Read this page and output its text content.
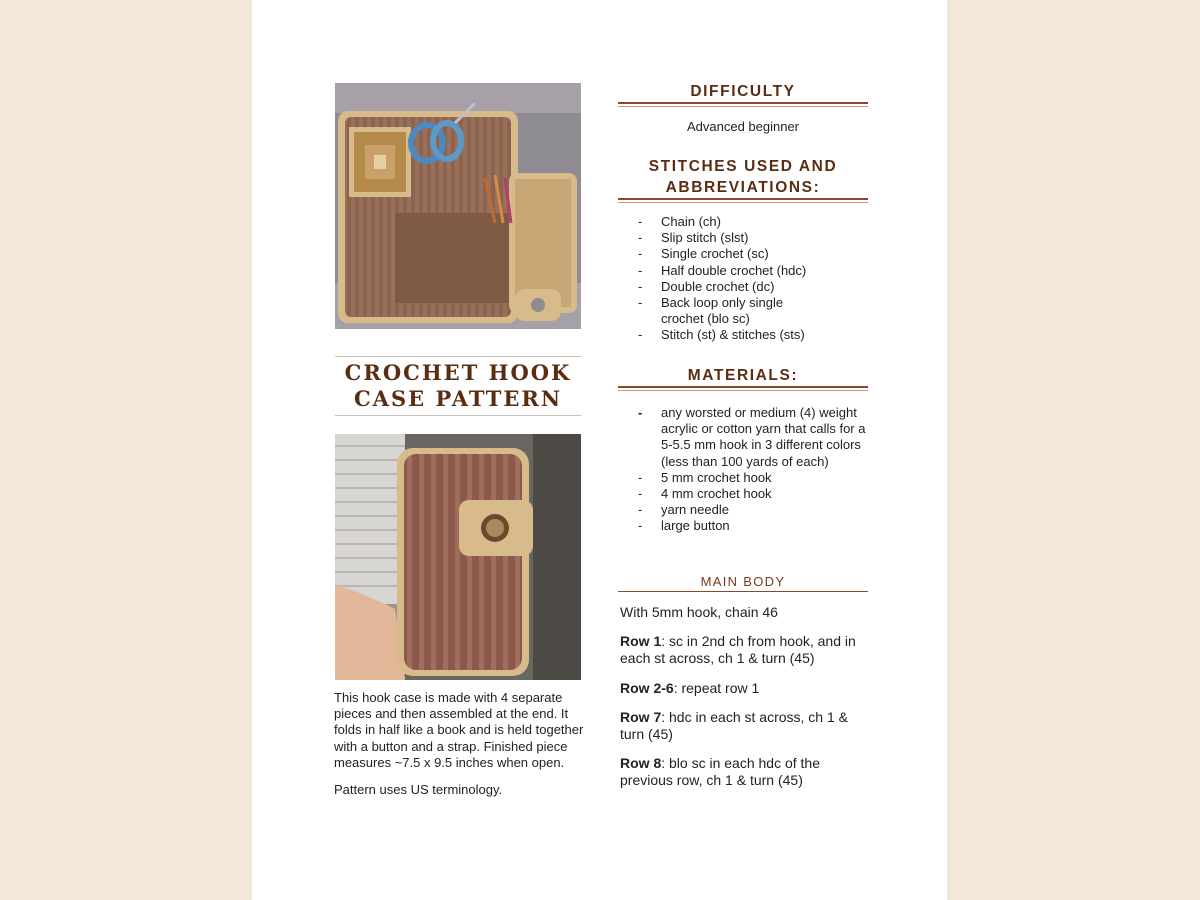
CROCHET HOOK
CASE PATTERN

This hook case is made with 4 separate pieces and then assembled at the end. It folds in half like a book and is held together with a button and a strap. Finished piece measures ~7.5 x 9.5 inches when open.

Pattern uses US terminology.

DIFFICULTY
Advanced beginner
STITCHES USED AND
ABBREVIATIONS:
- Chain (ch)
- Slip stitch (slst)
- Single crochet (sc)
- Half double crochet (hdc)
- Double crochet (dc)
- Back loop only single crochet (blo sc)
- Stitch (st) & stitches (sts)
MATERIALS:
- any worsted or medium (4) weight acrylic or cotton yarn that calls for a 5-5.5 mm hook in 3 different colors (less than 100 yards of each)
- 5 mm crochet hook
- 4 mm crochet hook
- yarn needle
- large button
MAIN BODY
With 5mm hook, chain 46
Row 1: sc in 2nd ch from hook, and in each st across, ch 1 & turn (45)
Row 2-6: repeat row 1
Row 7: hdc in each st across, ch 1 & turn (45)
Row 8: blo sc in each hdc of the previous row, ch 1 & turn (45)
